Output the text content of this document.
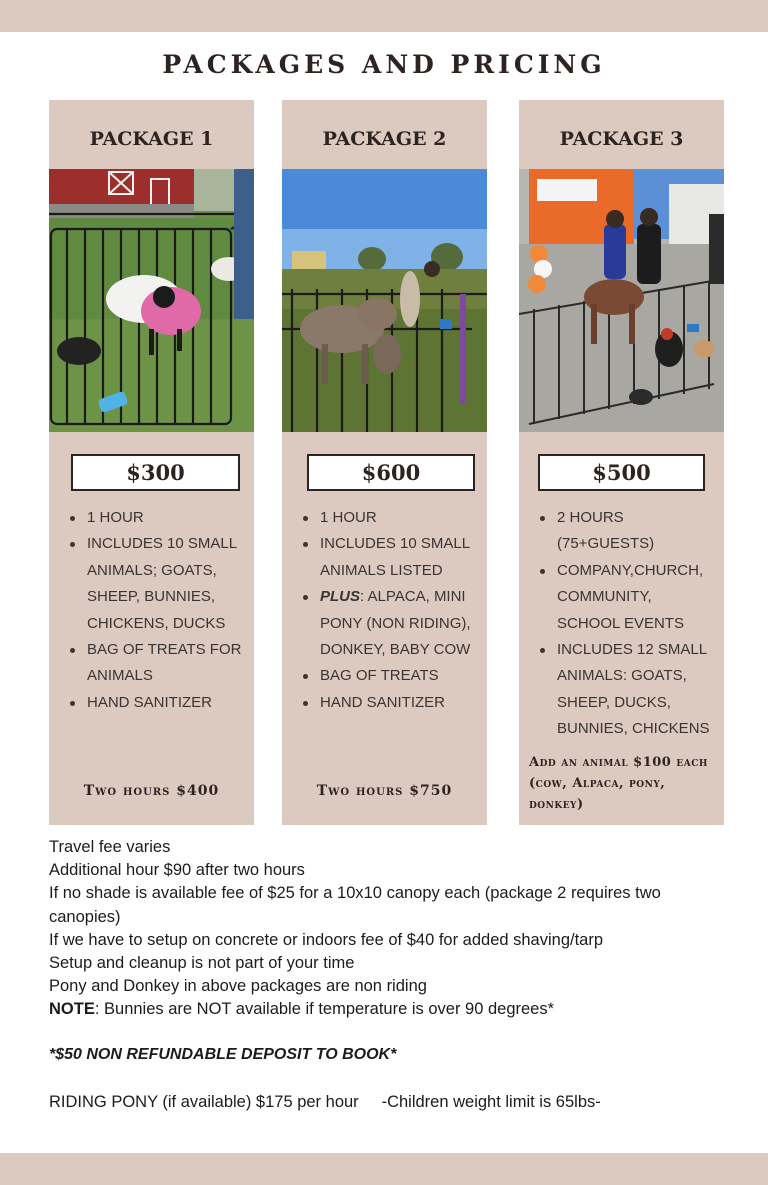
PACKAGES AND PRICING
PACKAGE 1
$300
1 HOUR
INCLUDES 10 SMALL ANIMALS; GOATS, SHEEP, BUNNIES, CHICKENS, DUCKS
BAG OF TREATS FOR ANIMALS
HAND SANITIZER
Two hours $400
PACKAGE 2
$600
1 HOUR
INCLUDES 10 SMALL ANIMALS LISTED
PLUS: ALPACA, MINI PONY (NON RIDING), DONKEY, BABY COW
BAG OF TREATS
HAND SANITIZER
Two hours $750
PACKAGE 3
$500
2 HOURS (75+GUESTS)
COMPANY,CHURCH, COMMUNITY, SCHOOL EVENTS
INCLUDES 12 SMALL ANIMALS: GOATS, SHEEP, DUCKS, BUNNIES, CHICKENS
Add an animal $100 each (cow, Alpaca, pony, donkey)

Travel fee varies

Additional hour $90 after two hours

If no shade is available fee of $25 for a 10x10 canopy each (package 2 requires two canopies)

If we have to setup on concrete or indoors fee of $40 for added shaving/tarp

Setup and cleanup is not part of your time

Pony and Donkey in above packages are non riding

NOTE: Bunnies are NOT available if temperature is over 90 degrees*

*$50 NON REFUNDABLE DEPOSIT TO BOOK*
RIDING PONY (if available) $175 per hour     -Children weight limit is 65lbs-
